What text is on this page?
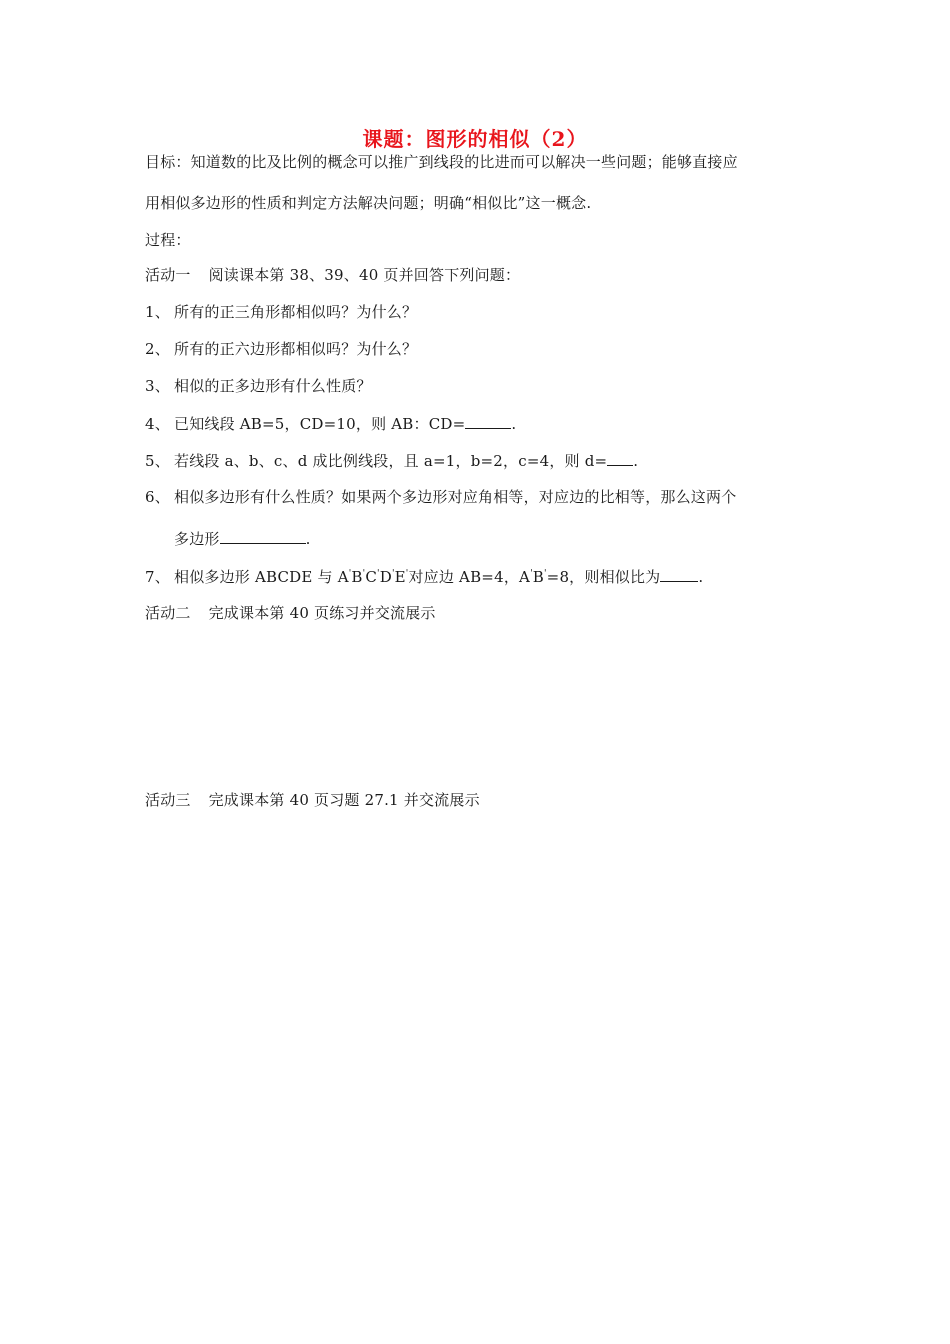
课题：图形的相似（2）
目标：知道数的比及比例的概念可以推广到线段的比进而可以解决一些问题；能够直接应
用相似多边形的性质和判定方法解决问题；明确“相似比”这一概念.
过程：
活动一 阅读课本第 38、39、40 页并回答下列问题：
1、 所有的正三角形都相似吗？为什么？
2、 所有的正六边形都相似吗？为什么？
3、 相似的正多边形有什么性质？
4、 已知线段 AB=5，CD=10，则 AB：CD=	.
5、 若线段 a、b、c、d 成比例线段，且 a=1，b=2，c=4，则 d= .
6、 相似多边形有什么性质？如果两个多边形对应角相等，对应边的比相等，那么这两个
多边形	.
7、 相似多边形 ABCDE 与 A'B'C'D'E'对应边 AB=4，A'B'=8，则相似比为	.
活动二 完成课本第 40 页练习并交流展示
活动三 完成课本第 40 页习题 27.1 并交流展示
